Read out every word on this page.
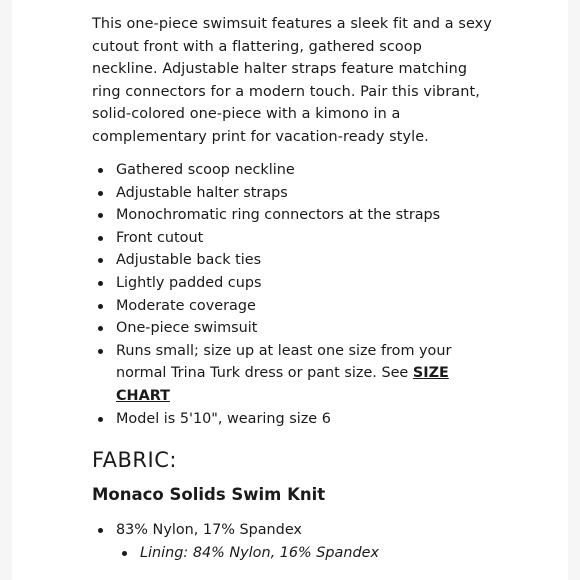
This one-piece swimsuit features a sleek fit and a sexy cutout front with a flattering, gathered scoop neckline. Adjustable halter straps feature matching ring connectors for a modern touch. Pair this vibrant, solid-colored one-piece with a kimono in a complementary print for vacation-ready style.

Gathered scoop neckline
Adjustable halter straps
Monochromatic ring connectors at the straps
Front cutout
Adjustable back ties
Lightly padded cups
Moderate coverage
One-piece swimsuit
Runs small; size up at least one size from your normal Trina Turk dress or pant size. See SIZE CHART
Model is 5'10", wearing size 6
FABRIC:
Monaco Solids Swim Knit
83% Nylon, 17% Spandex
Lining: 84% Nylon, 16% Spandex
